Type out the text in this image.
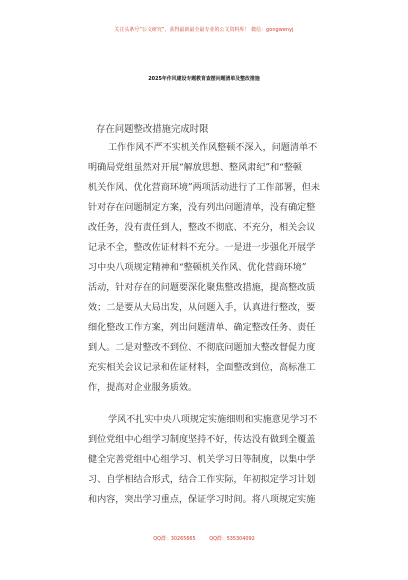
关注头条号“公文研究”，获得最新最全最专业的公文资料库！ 微信：gongwenyj
2025年作风建设专题教育查摆问题清单及整改措施
存在问题整改措施完成时限
工作作风不严不实机关作风整顿不深入，问题清单不
明确局党组虽然对开展“解放思想、整风肃纪”和“整顿
机关作风、优化营商环境”两项活动进行了工作部署，但未
针对存在问题制定方案，没有列出问题清单，没有确定整
改任务，没有责任到人，整改不彻底、不充分，相关会议
记录不全，整改佐证材料不充分。一是进一步强化开展学
习中央八项规定精神和“整顿机关作风、优化营商环境”
活动，针对存在的问题要深化聚焦整改措施，提高整改质
效；二是要从大局出发，从问题入手，认真进行整改，要
细化整改工作方案，列出问题清单、确定整改任务、责任
到人。二是对整改不到位、不彻底问题加大整改督促力度
充实相关会议记录和佐证材料，全面整改到位，高标准工
作，提高对企业服务质效。
学风不扎实中央八项规定实施细则和实施意见学习不
到位党组中心组学习制度坚持不好，传达没有做到全覆盖
健全完善党组中心组学习、机关学习日等制度，以集中学
习、自学相结合形式，结合工作实际，年初拟定学习计划
和内容，突出学习重点，保证学习时间。将八项规定实施
QQ群：30265665	QQ群：535304092
